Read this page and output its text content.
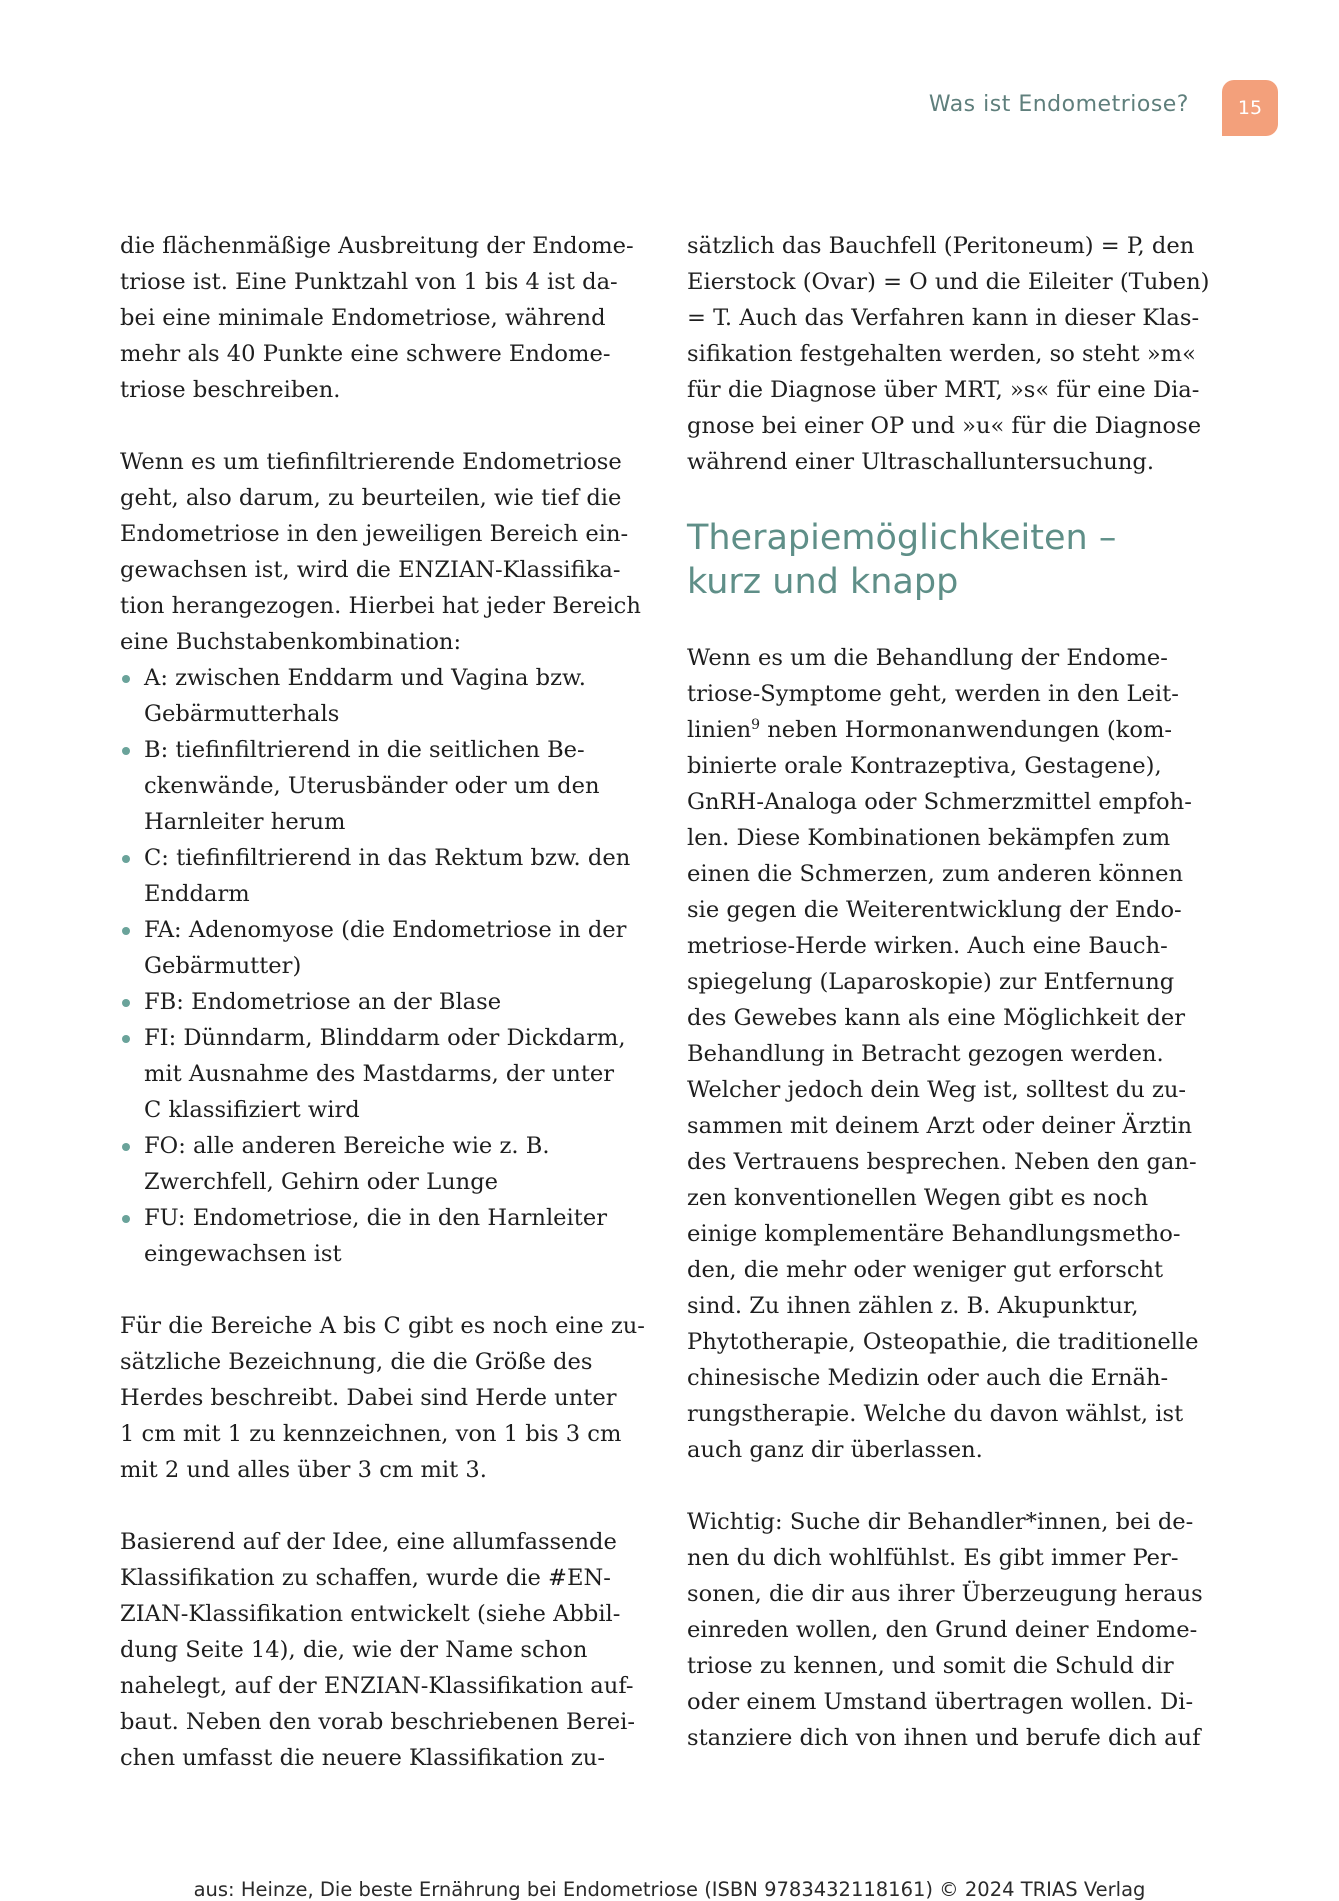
Was ist Endometriose?	15

die flächenmäßige Ausbreitung der Endome-
triose ist. Eine Punktzahl von 1 bis 4 ist da-
bei eine minimale Endometriose, während
mehr als 40 Punkte eine schwere Endome-
triose beschreiben.

Wenn es um tiefinfiltrierende Endometriose
geht, also darum, zu beurteilen, wie tief die
Endometriose in den jeweiligen Bereich ein-
gewachsen ist, wird die ENZIAN-Klassifika-
tion herangezogen. Hierbei hat jeder Bereich
eine Buchstabenkombination:

A: zwischen Enddarm und Vagina bzw.
Gebärmutterhals
B: tiefinfiltrierend in die seitlichen Be-
ckenwände, Uterusbänder oder um den
Harnleiter herum
C: tiefinfiltrierend in das Rektum bzw. den
Enddarm
FA: Adenomyose (die Endometriose in der
Gebärmutter)
FB: Endometriose an der Blase
FI: Dünndarm, Blinddarm oder Dickdarm,
mit Ausnahme des Mastdarms, der unter
C klassifiziert wird
FO: alle anderen Bereiche wie z. B.
Zwerchfell, Gehirn oder Lunge
FU: Endometriose, die in den Harnleiter
eingewachsen ist

Für die Bereiche A bis C gibt es noch eine zu-
sätzliche Bezeichnung, die die Größe des
Herdes beschreibt. Dabei sind Herde unter
1 cm mit 1 zu kennzeichnen, von 1 bis 3 cm
mit 2 und alles über 3 cm mit 3.

Basierend auf der Idee, eine allumfassende
Klassifikation zu schaffen, wurde die #EN-
ZIAN-Klassifikation entwickelt (siehe Abbil-
dung Seite 14), die, wie der Name schon
nahelegt, auf der ENZIAN-Klassifikation auf-
baut. Neben den vorab beschriebenen Berei-
chen umfasst die neuere Klassifikation zu-

sätzlich das Bauchfell (Peritoneum) = P, den
Eierstock (Ovar) = O und die Eileiter (Tuben)
= T. Auch das Verfahren kann in dieser Klas-
sifikation festgehalten werden, so steht »m«
für die Diagnose über MRT, »s« für eine Dia-
gnose bei einer OP und »u« für die Diagnose
während einer Ultraschalluntersuchung.

Therapiemöglichkeiten –
kurz und knapp

Wenn es um die Behandlung der Endome-
triose-Symptome geht, werden in den Leit-
linien$^9$ neben Hormonanwendungen (kom-
binierte orale Kontrazeptiva, Gestagene),
GnRH-Analoga oder Schmerzmittel empfoh-
len. Diese Kombinationen bekämpfen zum
einen die Schmerzen, zum anderen können
sie gegen die Weiterentwicklung der Endo-
metriose-Herde wirken. Auch eine Bauch-
spiegelung (Laparoskopie) zur Entfernung
des Gewebes kann als eine Möglichkeit der
Behandlung in Betracht gezogen werden.
Welcher jedoch dein Weg ist, solltest du zu-
sammen mit deinem Arzt oder deiner Ärztin
des Vertrauens besprechen. Neben den gan-
zen konventionellen Wegen gibt es noch
einige komplementäre Behandlungsmetho-
den, die mehr oder weniger gut erforscht
sind. Zu ihnen zählen z. B. Akupunktur,
Phytotherapie, Osteopathie, die traditionelle
chinesische Medizin oder auch die Ernäh-
rungstherapie. Welche du davon wählst, ist
auch ganz dir überlassen.

Wichtig: Suche dir Behandler*innen, bei de-
nen du dich wohlfühlst. Es gibt immer Per-
sonen, die dir aus ihrer Überzeugung heraus
einreden wollen, den Grund deiner Endome-
triose zu kennen, und somit die Schuld dir
oder einem Umstand übertragen wollen. Di-
stanziere dich von ihnen und berufe dich auf

aus: Heinze, Die beste Ernährung bei Endometriose (ISBN 9783432118161) © 2024 TRIAS Verlag
